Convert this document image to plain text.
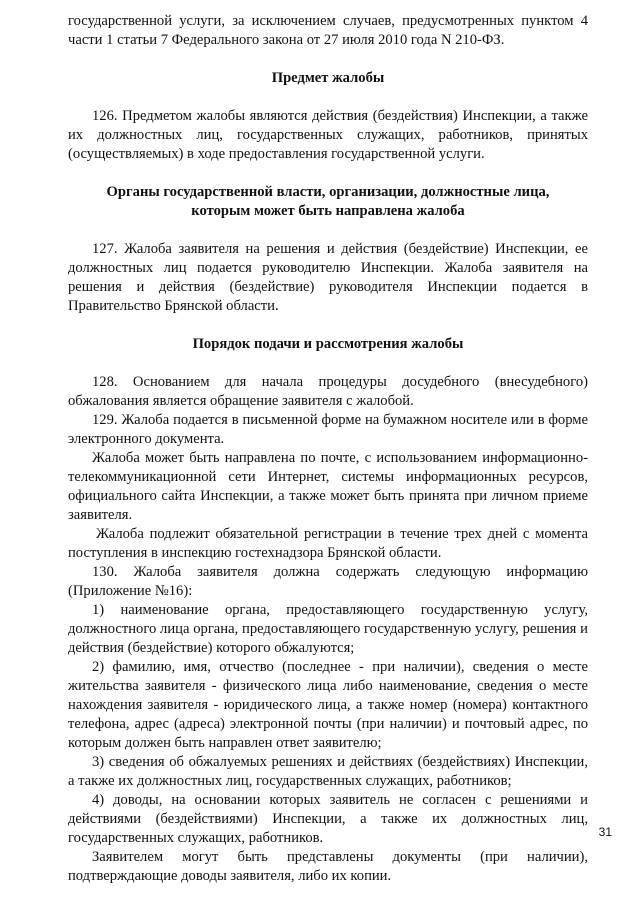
государственной услуги, за исключением случаев, предусмотренных пунктом 4 части 1 статьи 7 Федерального закона от 27 июля 2010 года N 210-ФЗ.

Предмет жалобы

126. Предметом жалобы являются действия (бездействия) Инспекции, а также их должностных лиц, государственных служащих, работников, принятых (осуществляемых) в ходе предоставления государственной услуги.

Органы государственной власти, организации, должностные лица, которым может быть направлена жалоба

127. Жалоба заявителя на решения и действия (бездействие) Инспекции, ее должностных лиц подается руководителю Инспекции. Жалоба заявителя на решения и действия (бездействие) руководителя Инспекции подается в Правительство Брянской области.

Порядок подачи и рассмотрения жалобы

128. Основанием для начала процедуры досудебного (внесудебного) обжалования является обращение заявителя с жалобой.

129. Жалоба подается в письменной форме на бумажном носителе или в форме электронного документа.

Жалоба может быть направлена по почте, с использованием информационно-телекоммуникационной сети Интернет, системы информационных ресурсов, официального сайта Инспекции, а также может быть принята при личном приеме заявителя.

Жалоба подлежит обязательной регистрации в течение трех дней с момента поступления в инспекцию гостехнадзора Брянской области.

130. Жалоба заявителя должна содержать следующую информацию (Приложение №16):

1) наименование органа, предоставляющего государственную услугу, должностного лица органа, предоставляющего государственную услугу, решения и действия (бездействие) которого обжалуются;

2) фамилию, имя, отчество (последнее - при наличии), сведения о месте жительства заявителя - физического лица либо наименование, сведения о месте нахождения заявителя - юридического лица, а также номер (номера) контактного телефона, адрес (адреса) электронной почты (при наличии) и почтовый адрес, по которым должен быть направлен ответ заявителю;

3) сведения об обжалуемых решениях и действиях (бездействиях) Инспекции, а также их должностных лиц, государственных служащих, работников;

4) доводы, на основании которых заявитель не согласен с решениями и действиями (бездействиями) Инспекции, а также их должностных лиц, государственных служащих, работников.

Заявителем могут быть представлены документы (при наличии), подтверждающие доводы заявителя, либо их копии.

31
